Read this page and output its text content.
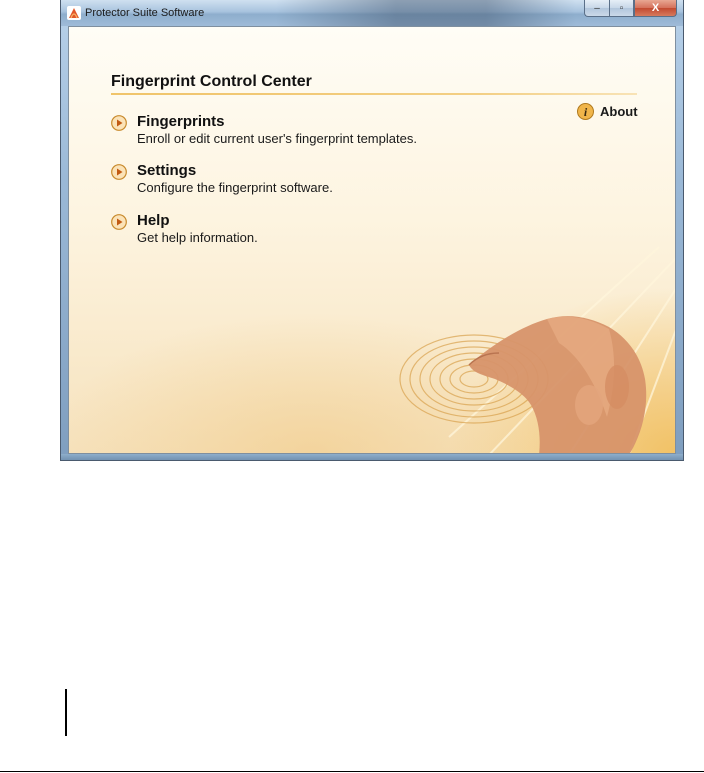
Protector Suite Software	– ▫	X
Fingerprint Control Center
i About
Fingerprints
Enroll or edit current user's fingerprint templates.
Settings
Configure the fingerprint software.
Help
Get help information.
